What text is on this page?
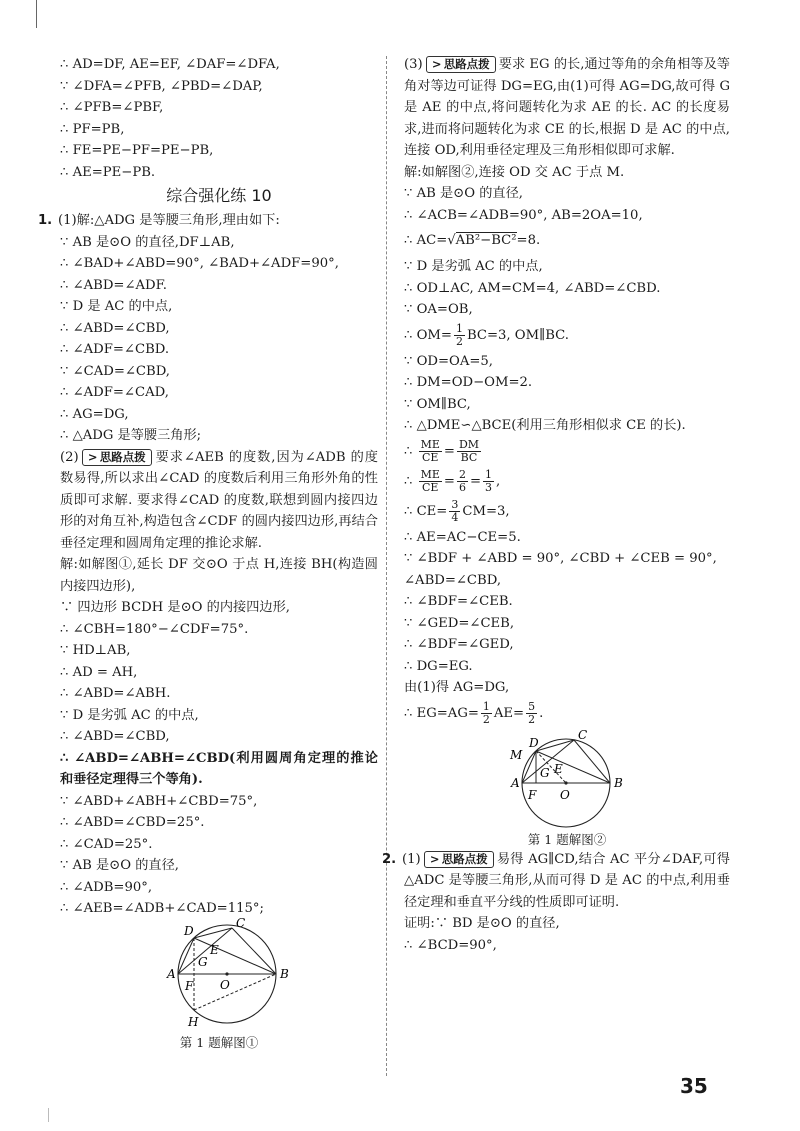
∴ AD=DF, AE=EF, ∠DAF=∠DFA,
∵ ∠DFA=∠PFB, ∠PBD=∠DAP,
∴ ∠PFB=∠PBF,
∴ PF=PB,
∴ FE=PE−PF=PE−PB,
∴ AE=PE−PB.
综合强化练 10
1. (1)解:△ADG 是等腰三角形,理由如下:
∵ AB 是⊙O 的直径,DF⊥AB,
∴ ∠BAD+∠ABD=90°, ∠BAD+∠ADF=90°,
∴ ∠ABD=∠ADF.
∵ D 是 AC 的中点,
∴ ∠ABD=∠CBD,
∴ ∠ADF=∠CBD.
∵ ∠CAD=∠CBD,
∴ ∠ADF=∠CAD,
∴ AG=DG,
∴ △ADG 是等腰三角形;
(2) > 思路点拨 要求∠AEB 的度数,因为∠ADB 的度数易得,所以求出∠CAD 的度数后利用三角形外角的性质即可求解. 要求得∠CAD 的度数,联想到圆内接四边形的对角互补,构造包含∠CDF 的圆内接四边形,再结合垂径定理和圆周角定理的推论求解.
解:如解图①,延长 DF 交⊙O 于点 H,连接 BH(构造圆内接四边形),
∵ 四边形 BCDH 是⊙O 的内接四边形,
∴ ∠CBH=180°−∠CDF=75°.
∵ HD⊥AB,
∴ AD = AH,
∴ ∠ABD=∠ABH.
∵ D 是劣弧 AC 的中点,
∴ ∠ABD=∠CBD,
∴ ∠ABD=∠ABH=∠CBD(利用圆周角定理的推论和垂径定理得三个等角).
∵ ∠ABD+∠ABH+∠CBD=75°,
∴ ∠ABD=∠CBD=25°.
∴ ∠CAD=25°.
∵ AB 是⊙O 的直径,
∴ ∠ADB=90°,
∴ ∠AEB=∠ADB+∠CAD=115°;
C
D
E
G
A
F O
B
H
第 1 题解图①
(3) > 思路点拨 要求 EG 的长,通过等角的余角相等及等角对等边可证得 DG=EG,由(1)可得 AG=DG,故可得 G 是 AE 的中点,将问题转化为求 AE 的长. AC 的长度易求,进而将问题转化为求 CE 的长,根据 D 是 AC 的中点,连接 OD,利用垂径定理及三角形相似即可求解.
解:如解图②,连接 OD 交 AC 于点 M.
∵ AB 是⊙O 的直径,
∴ ∠ACB=∠ADB=90°, AB=2OA=10,
∴ AC=√AB²−BC²=8.
∵ D 是劣弧 AC 的中点,
∴ OD⊥AC, AM=CM=4, ∠ABD=∠CBD.
∵ OA=OB,
∴ $OM= \frac{1}{2} BC=3$, OM∥BC.
∵ OD=OA=5,
∴ DM=OD−OM=2.
∵ OM∥BC,
∴ △DME∽△BCE(利用三角形相似求 CE 的长).
∴ $\frac{ME}{CE} = \frac{DM}{BC}$
∴ $\frac{ME}{CE} = \frac{2}{6} = \frac{1}{3}$ ,
∴ $CE= \frac{3}{4} CM=3$,
∴ AE=AC−CE=5.
∵ ∠BDF + ∠ABD = 90°, ∠CBD + ∠CEB = 90°,
∠ABD=∠CBD,
∴ ∠BDF=∠CEB.
∵ ∠GED=∠CEB,
∴ ∠BDF=∠GED,
∴ DG=EG.
由(1)得 AG=DG,
∴ $EG=AG= \frac{1}{2} AE= \frac{5}{2}$ .
C
D
M
E
G
A
F O
B
第 1 题解图②
2. (1) > 思路点拨 易得 AG∥CD,结合 AC 平分∠DAF,可得△ADC 是等腰三角形,从而可得 D 是 AC 的中点,利用垂径定理和垂直平分线的性质即可证明.
证明:∵ BD 是⊙O 的直径,
∴ ∠BCD=90°,
35
